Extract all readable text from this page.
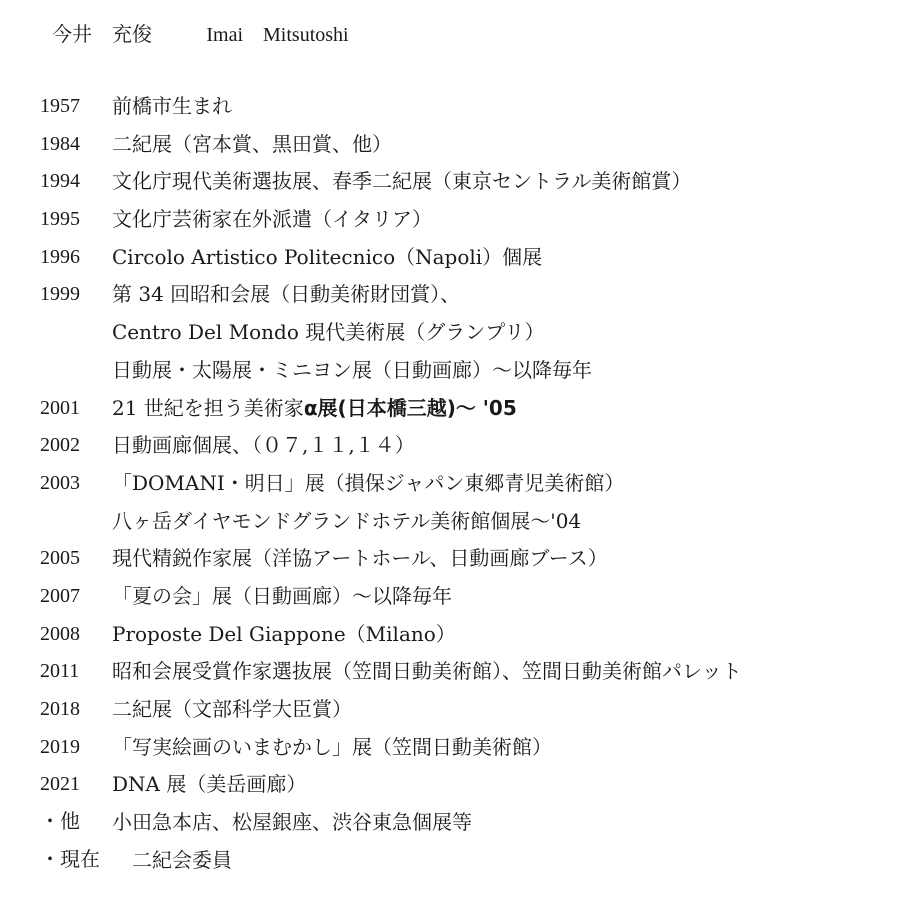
今井　充俊	Imai　Mitsutoshi
1957	前橋市生まれ
1984	二紀展（宮本賞、黒田賞、他）
1994	文化庁現代美術選抜展、春季二紀展（東京セントラル美術館賞）
1995	文化庁芸術家在外派遣（イタリア）
1996	Circolo Artistico Politecnico（Napoli）個展
1999	第 34 回昭和会展（日動美術財団賞）、
Centro Del Mondo 現代美術展（グランプリ）
日動展・太陽展・ミニヨン展（日動画廊）～以降毎年
2001	21 世紀を担う美術家α展(日本橋三越)～ '05
2002	日動画廊個展、（０７,１１,１４）
2003	「DOMANI・明日」展（損保ジャパン東郷青児美術館）
八ヶ岳ダイヤモンドグランドホテル美術館個展～'04
2005	現代精鋭作家展（洋協アートホール、日動画廊ブース）
2007	「夏の会」展（日動画廊）～以降毎年
2008	Proposte Del Giappone（Milano）
2011	昭和会展受賞作家選抜展（笠間日動美術館）、笠間日動美術館パレット
2018	二紀展（文部科学大臣賞）
2019	「写実絵画のいまむかし」展（笠間日動美術館）
2021	DNA 展（美岳画廊）
・他	小田急本店、松屋銀座、渋谷東急個展等
・現在 　二紀会委員
